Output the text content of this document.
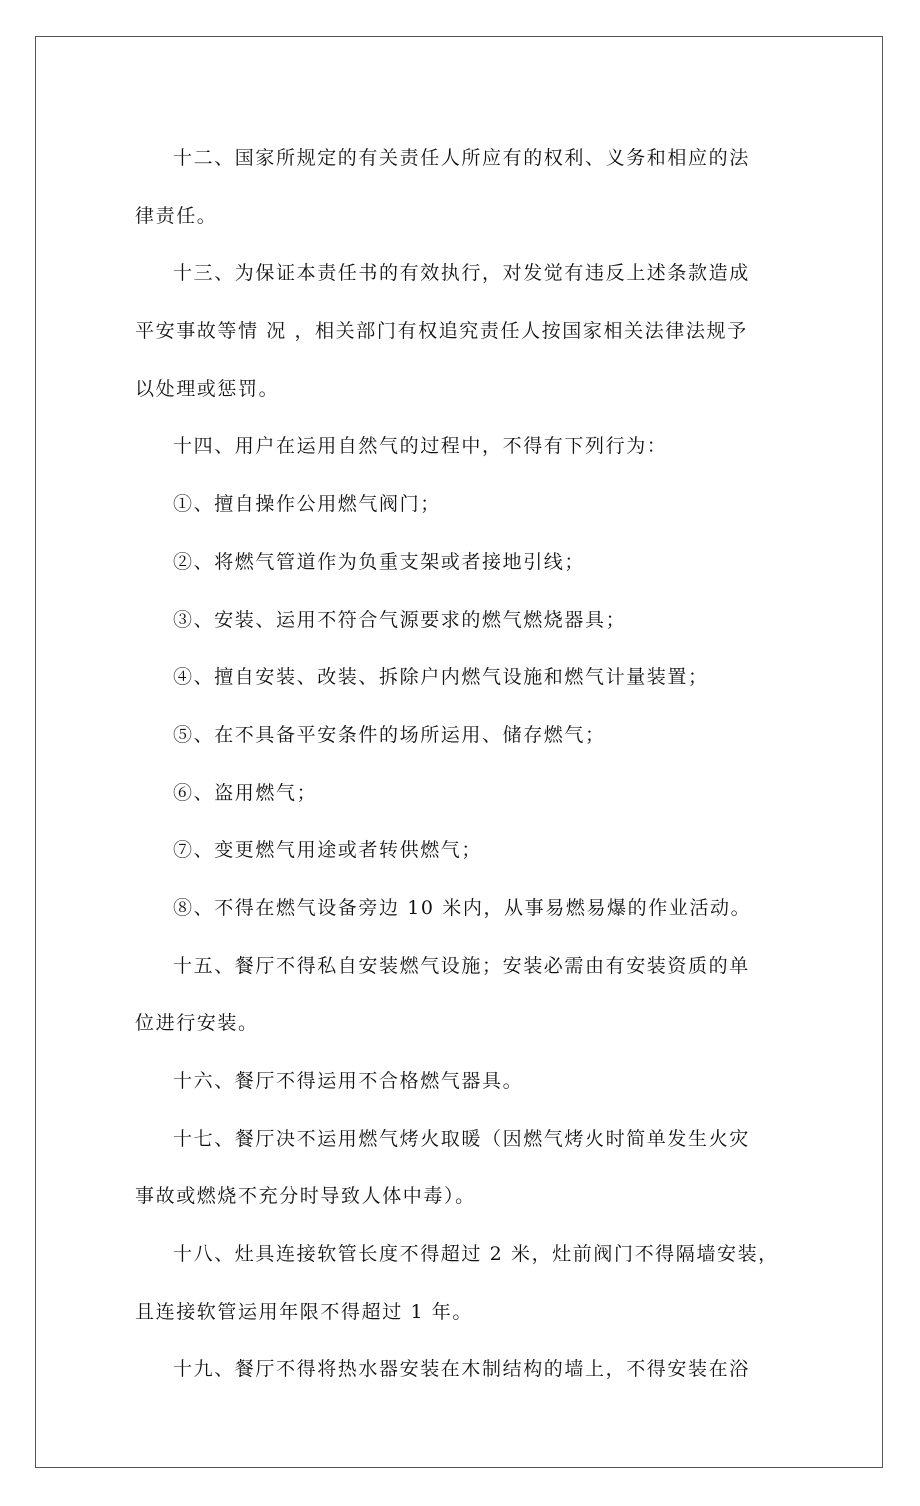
十二、国家所规定的有关责任人所应有的权利、义务和相应的法
律责任。
十三、为保证本责任书的有效执行，对发觉有违反上述条款造成
平安事故等情 况 ，相关部门有权追究责任人按国家相关法律法规予
以处理或惩罚。
十四、用户在运用自然气的过程中，不得有下列行为：
①、擅自操作公用燃气阀门；
②、将燃气管道作为负重支架或者接地引线；
③、安装、运用不符合气源要求的燃气燃烧器具；
④、擅自安装、改装、拆除户内燃气设施和燃气计量装置；
⑤、在不具备平安条件的场所运用、储存燃气；
⑥、盗用燃气；
⑦、变更燃气用途或者转供燃气；
⑧、不得在燃气设备旁边 10 米内，从事易燃易爆的作业活动。
十五、餐厅不得私自安装燃气设施；安装必需由有安装资质的单
位进行安装。
十六、餐厅不得运用不合格燃气器具。
十七、餐厅决不运用燃气烤火取暖（因燃气烤火时简单发生火灾
事故或燃烧不充分时导致人体中毒）。
十八、灶具连接软管长度不得超过 2 米，灶前阀门不得隔墙安装，
且连接软管运用年限不得超过 1 年。
十九、餐厅不得将热水器安装在木制结构的墙上，不得安装在浴
